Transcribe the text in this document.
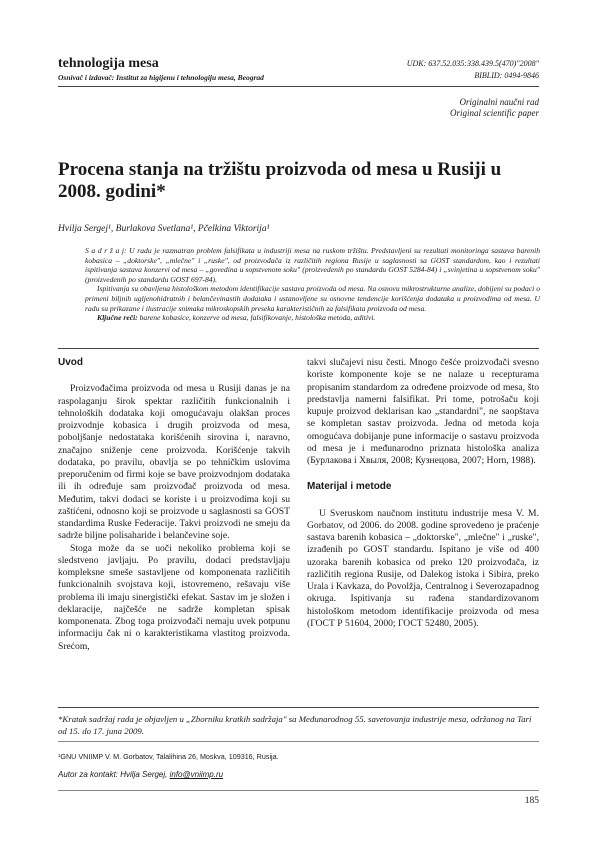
tehnologija mesa
Osnivač i izdavač: Institut za higijenu i tehnologiju mesa, Beograd
UDK: 637.52.035:338.439.5(470)"2008"
BIBLID: 0494-9846
Originalni naučni rad
Original scientific paper
Procena stanja na tržištu proizvoda od mesa u Rusiji u 2008. godini*
Hvilja Sergej¹, Burlakova Svetlana¹, Pčelkina Viktorija¹

S a d r ž a j: U radu je razmatran problem falsifikata u industriji mesa na ruskom tržištu. Predstavljeni su rezultati monitoringa sastava barenih kobasica – „doktorske", „mlečne" i „ruske", od proizvođača iz različitih regiona Rusije u saglasnosti sa GOST standardom, kao i rezultati ispitivanja sastava konzervi od mesa – „govedina u sopstvenom soku" (proizvedenih po standardu GOST 5284-84) i „svinjetina u sopstvenom soku" (proizvedenih po standardu GOST 697-84).

Ispitivanja su obavljena histološkom metodom identifikacije sastava proizvoda od mesa. Na osnovu mikrostrukturne analize, dobijeni su podaci o primeni biljnih ugljenohidratnih i belančevinastih dodataka i ustanovljene su osnovne tendencije korišćenja dodataka u proizvodima od mesa. U radu su prikazane i ilustracije snimaka mikroskopskih preseka karakterističnih za falsifikata proizvoda od mesa.

Ključne reči: barene kobasice, konzerve od mesa, falsifikovanje, histološka metoda, aditivi.

Uvod

Proizvođačima proizvoda od mesa u Rusiji danas je na raspolaganju širok spektar različitih funkcionalnih i tehnoloških dodataka koji omogućavaju olakšan proces proizvodnje kobasica i drugih proizvoda od mesa, poboljšanje nedostataka korišćenih sirovina i, naravno, značajno sniženje cene proizvoda. Korišćenje takvih dodataka, po pravilu, obavlja se po tehničkim uslovima preporučenim od firmi koje se bave proizvodnjom dodataka ili ih određuje sam proizvođač proizvoda od mesa. Međutim, takvi dodaci se koriste i u proizvodima koji su zaštićeni, odnosno koji se proizvode u saglasnosti sa GOST standardima Ruske Federacije. Takvi proizvodi ne smeju da sadrže biljne polisaharide i belančevine soje.

Stoga može da se uoči nekoliko problema koji se sledstveno javljaju. Po pravilu, dodaci predstavljaju kompleksne smeše sastavljene od komponenata različitih funkcionalnih svojstava koji, istovremeno, rešavaju više problema ili imaju sinergistički efekat. Sastav im je složen i deklaracije, najčešće ne sadrže kompletan spisak komponenata. Zbog toga proizvođači nemaju uvek potpunu informaciju čak ni o karakteristikama vlastitog proizvoda. Srećom,

takvi slučajevi nisu česti. Mnogo češće proizvođači svesno koriste komponente koje se ne nalaze u recepturama propisanim standardom za određene proizvode od mesa, što predstavlja namerni falsifikat. Pri tome, potrošaču koji kupuje proizvod deklarisan kao „standardni", ne saopštava se kompletan sastav proizvoda. Jedna od metoda koja omogućava dobijanje pune informacije o sastavu proizvoda od mesa je i međunarodno priznata histološka analiza (Бурлакова i Хвыля, 2008; Кузнецова, 2007; Horn, 1988).

Materijal i metode

U Sveruskom naučnom institutu industrije mesa V. M. Gorbatov, od 2006. do 2008. godine sprovedeno je praćenje sastava barenih kobasica – „doktorske", „mlečne" i „ruske", izrađenih po GOST standardu. Ispitano je više od 400 uzoraka barenih kobasica od preko 120 proizvođača, iz različitih regiona Rusije, od Dalekog istoka i Sibira, preko Urala i Kavkaza, do Povolžja, Centralnog i Severozapadnog okruga. Ispitivanja su rađena standardizovanom histološkom metodom identifikacije proizvoda od mesa (ГОСТ Р 51604, 2000; ГОСТ 52480, 2005).

*Kratak sadržaj rada je objavljen u „Zborniku kratkih sadržaja" sa Međunarodnog 55. savetovanja industrije mesa, održanog na Tari od 15. do 17. juna 2009.
¹GNU VNIIMP V. M. Gorbatov, Talalihina 26, Moskva, 109316, Rusija.
Autor za kontakt: Hvilja Sergej, info@vniimp.ru
185
